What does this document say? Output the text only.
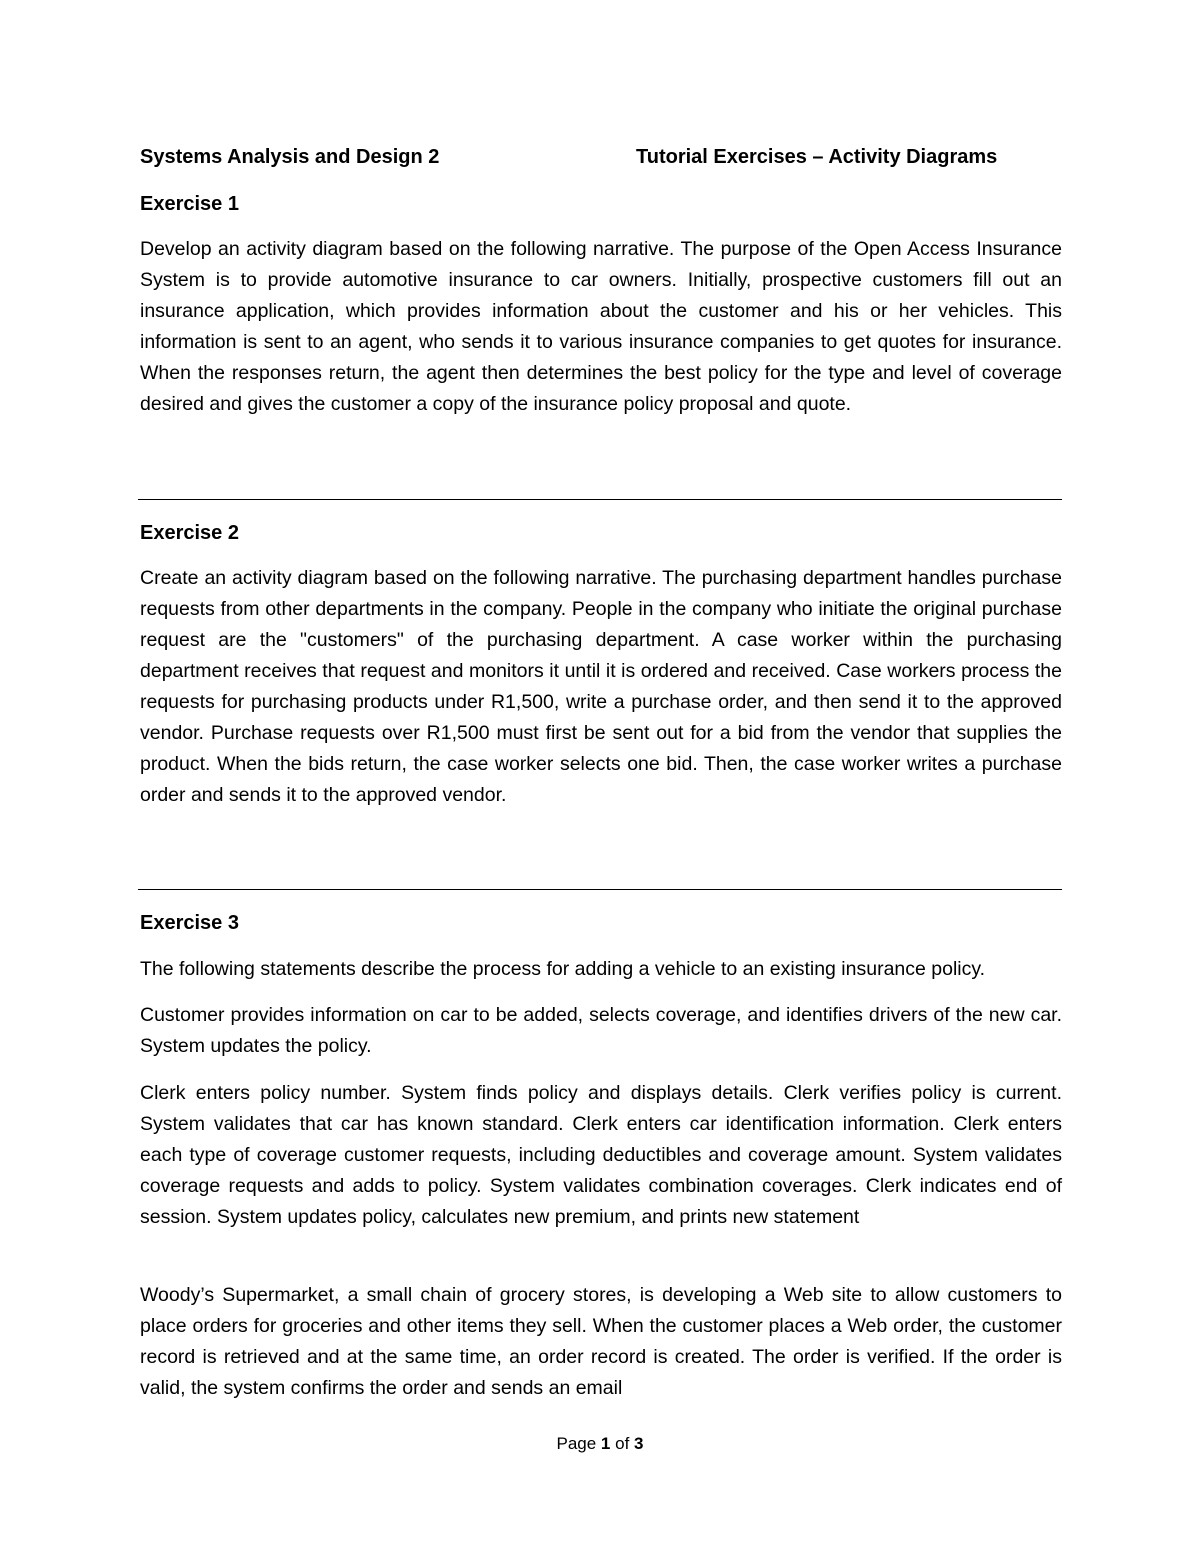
Systems Analysis and Design 2	Tutorial Exercises – Activity Diagrams
Exercise 1

Develop an activity diagram based on the following narrative. The purpose of the Open Access Insurance System is to provide automotive insurance to car owners. Initially, prospective customers fill out an insurance application, which provides information about the customer and his or her vehicles. This information is sent to an agent, who sends it to various insurance companies to get quotes for insurance. When the responses return, the agent then determines the best policy for the type and level of coverage desired and gives the customer a copy of the insurance policy proposal and quote.

Exercise 2

Create an activity diagram based on the following narrative. The purchasing department handles purchase requests from other departments in the company. People in the company who initiate the original purchase request are the "customers" of the purchasing department. A case worker within the purchasing department receives that request and monitors it until it is ordered and received. Case workers process the requests for purchasing products under R1,500, write a purchase order, and then send it to the approved vendor. Purchase requests over R1,500 must first be sent out for a bid from the vendor that supplies the product. When the bids return, the case worker selects one bid. Then, the case worker writes a purchase order and sends it to the approved vendor.

Exercise 3

The following statements describe the process for adding a vehicle to an existing insurance policy.

Customer provides information on car to be added, selects coverage, and identifies drivers of the new car. System updates the policy.

Clerk enters policy number. System finds policy and displays details. Clerk verifies policy is current. System validates that car has known standard. Clerk enters car identification information. Clerk enters each type of coverage customer requests, including deductibles and coverage amount. System validates coverage requests and adds to policy. System validates combination coverages. Clerk indicates end of session. System updates policy, calculates new premium, and prints new statement

Woody’s Supermarket, a small chain of grocery stores, is developing a Web site to allow customers to place orders for groceries and other items they sell. When the customer places a Web order, the customer record is retrieved and at the same time, an order record is created. The order is verified. If the order is valid, the system confirms the order and sends an email

Page 1 of 3
